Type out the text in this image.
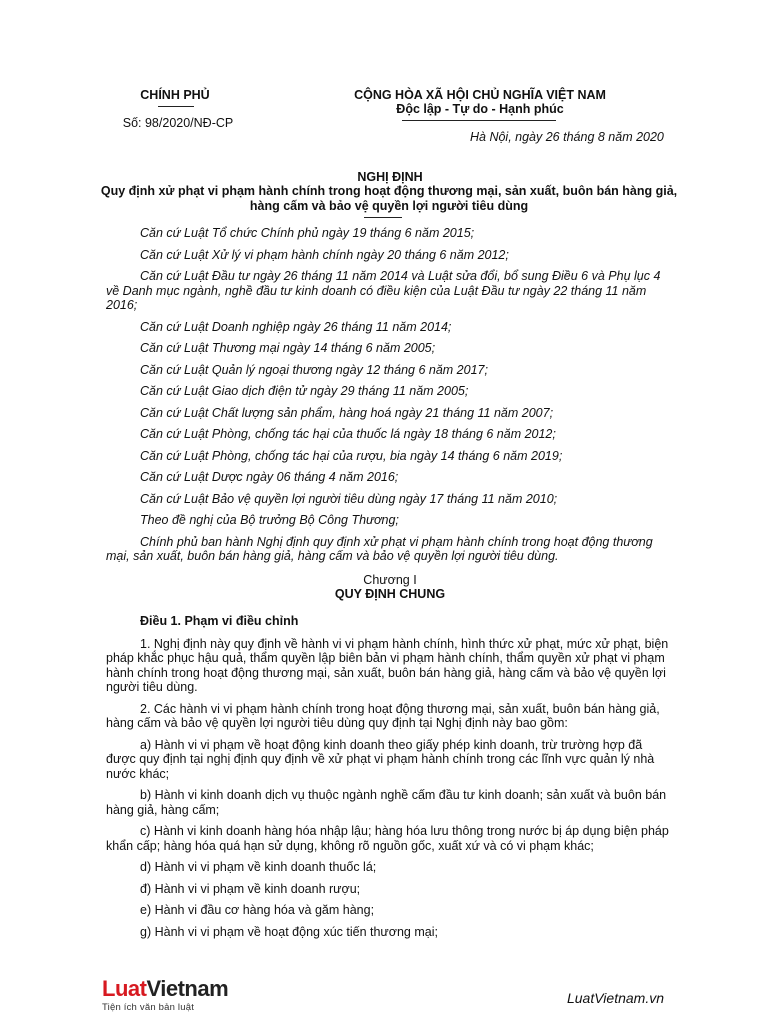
CHÍNH PHỦ
Số: 98/2020/NĐ-CP
CỘNG HÒA XÃ HỘI CHỦ NGHĨA VIỆT NAM
Độc lập - Tự do - Hạnh phúc
Hà Nội, ngày 26 tháng 8 năm 2020
NGHỊ ĐỊNH
Quy định xử phạt vi phạm hành chính trong hoạt động thương mại, sản xuất, buôn bán hàng giả, hàng cấm và bảo vệ quyền lợi người tiêu dùng

Căn cứ Luật Tổ chức Chính phủ ngày 19 tháng 6 năm 2015;

Căn cứ Luật Xử lý vi phạm hành chính ngày 20 tháng 6 năm 2012;

Căn cứ Luật Đầu tư ngày 26 tháng 11 năm 2014 và Luật sửa đổi, bổ sung Điều 6 và Phụ lục 4 về Danh mục ngành, nghề đầu tư kinh doanh có điều kiện của Luật Đầu tư ngày 22 tháng 11 năm 2016;

Căn cứ Luật Doanh nghiệp ngày 26 tháng 11 năm 2014;

Căn cứ Luật Thương mại ngày 14 tháng 6 năm 2005;

Căn cứ Luật Quản lý ngoại thương ngày 12 tháng 6 năm 2017;

Căn cứ Luật Giao dịch điện tử ngày 29 tháng 11 năm 2005;

Căn cứ Luật Chất lượng sản phẩm, hàng hoá ngày 21 tháng 11 năm 2007;

Căn cứ Luật Phòng, chống tác hại của thuốc lá ngày 18 tháng 6 năm 2012;

Căn cứ Luật Phòng, chống tác hại của rượu, bia ngày 14 tháng 6 năm 2019;

Căn cứ Luật Dược ngày 06 tháng 4 năm 2016;

Căn cứ Luật Bảo vệ quyền lợi người tiêu dùng ngày 17 tháng 11 năm 2010;

Theo đề nghị của Bộ trưởng Bộ Công Thương;

Chính phủ ban hành Nghị định quy định xử phạt vi phạm hành chính trong hoạt động thương mại, sản xuất, buôn bán hàng giả, hàng cấm và bảo vệ quyền lợi người tiêu dùng.

Chương I
QUY ĐỊNH CHUNG

Điều 1. Phạm vi điều chỉnh

1. Nghị định này quy định về hành vi vi phạm hành chính, hình thức xử phạt, mức xử phạt, biện pháp khắc phục hậu quả, thẩm quyền lập biên bản vi phạm hành chính, thẩm quyền xử phạt vi phạm hành chính trong hoạt động thương mại, sản xuất, buôn bán hàng giả, hàng cấm và bảo vệ quyền lợi người tiêu dùng.

2. Các hành vi vi phạm hành chính trong hoạt động thương mại, sản xuất, buôn bán hàng giả, hàng cấm và bảo vệ quyền lợi người tiêu dùng quy định tại Nghị định này bao gồm:

a) Hành vi vi phạm về hoạt động kinh doanh theo giấy phép kinh doanh, trừ trường hợp đã được quy định tại nghị định quy định về xử phạt vi phạm hành chính trong các lĩnh vực quản lý nhà nước khác;

b) Hành vi kinh doanh dịch vụ thuộc ngành nghề cấm đầu tư kinh doanh; sản xuất và buôn bán hàng giả, hàng cấm;

c) Hành vi kinh doanh hàng hóa nhập lậu; hàng hóa lưu thông trong nước bị áp dụng biện pháp khẩn cấp; hàng hóa quá hạn sử dụng, không rõ nguồn gốc, xuất xứ và có vi phạm khác;

d) Hành vi vi phạm về kinh doanh thuốc lá;

đ) Hành vi vi phạm về kinh doanh rượu;

e) Hành vi đầu cơ hàng hóa và găm hàng;

g) Hành vi vi phạm về hoạt động xúc tiến thương mại;

LuatVietnam
Tiện ích văn bản luật
LuatVietnam.vn
